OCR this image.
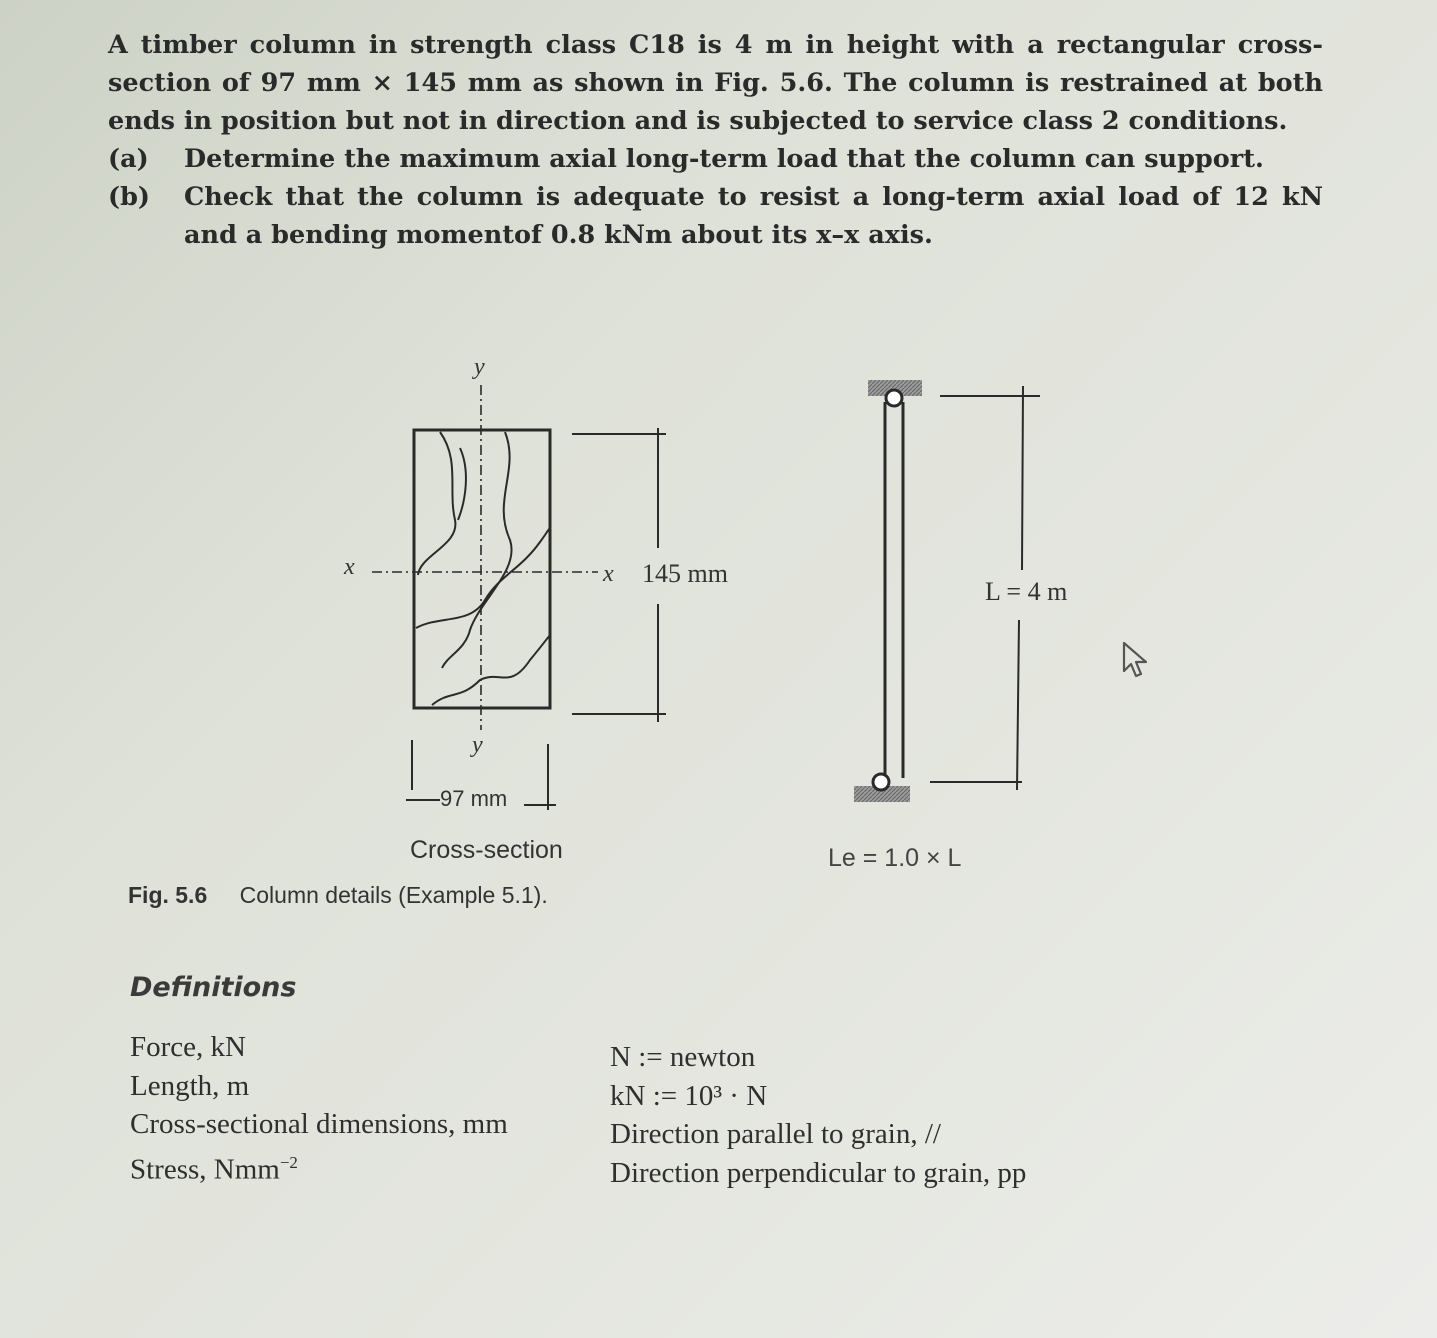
A timber column in strength class C18 is 4 m in height with a rectangular cross-section of 97 mm × 145 mm as shown in Fig. 5.6. The column is restrained at both ends in position but not in direction and is subjected to service class 2 conditions.

(a)	Determine the maximum axial long-term load that the column can support.
(b)	Check that the column is adequate to resist a long-term axial load of 12 kN and a bending momentof 0.8 kNm about its x–x axis.
y
y
x	x 145 mm
97 mm
L = 4 m
Cross-section	Le = 1.0 × L
Fig. 5.6 Column details (Example 5.1).
Definitions
Force, kN
Length, m
Cross-sectional dimensions, mm
Stress, Nmm$^{-2}$
N := newton
kN := 10³ · N
Direction parallel to grain, //
Direction perpendicular to grain, pp
